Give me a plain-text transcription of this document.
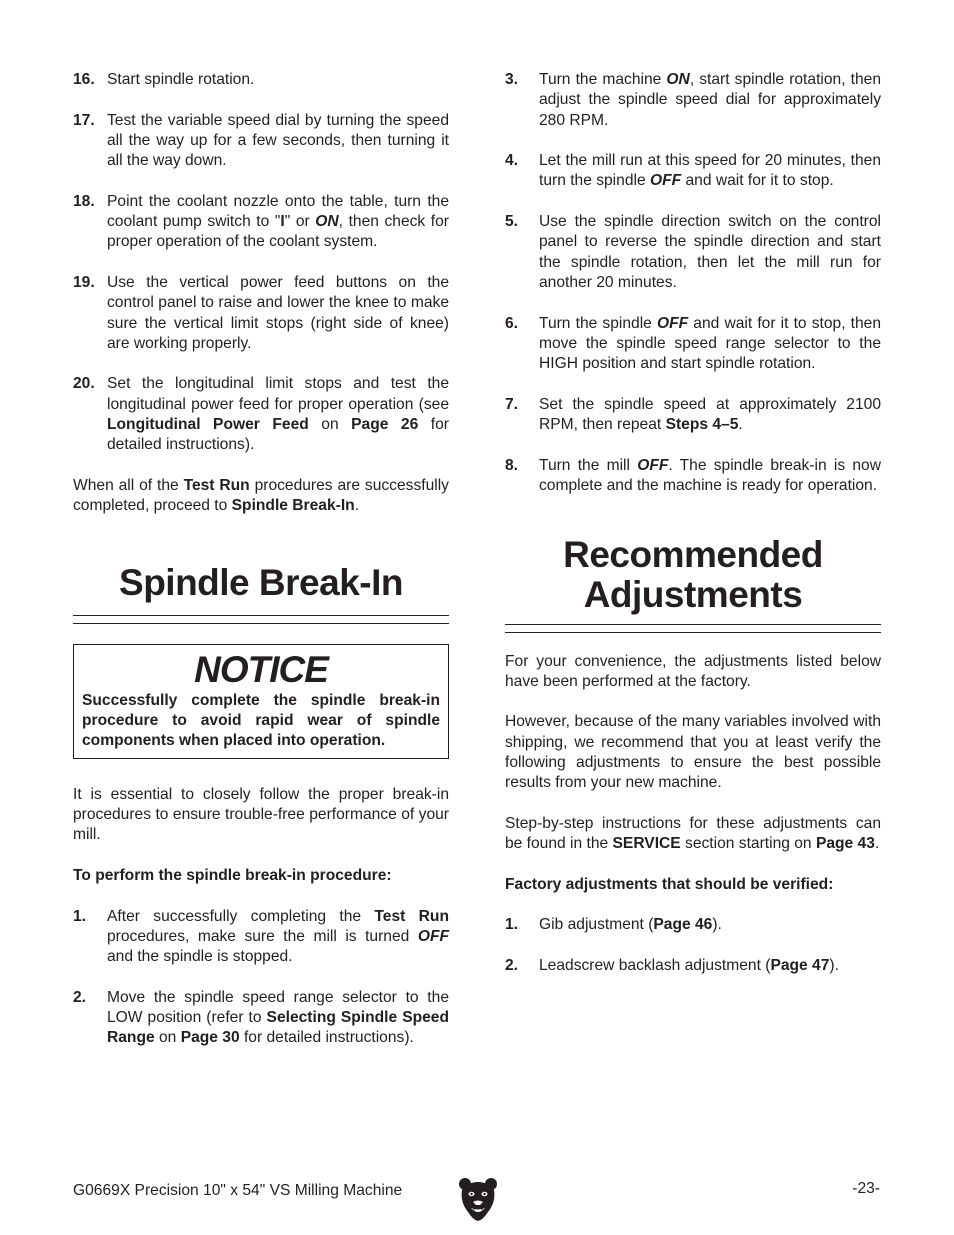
16. Start spindle rotation.
17. Test the variable speed dial by turning the speed all the way up for a few seconds, then turning it all the way down.
18. Point the coolant nozzle onto the table, turn the coolant pump switch to "I" or ON, then check for proper operation of the coolant system.
19. Use the vertical power feed buttons on the control panel to raise and lower the knee to make sure the vertical limit stops (right side of knee) are working properly.
20. Set the longitudinal limit stops and test the longitudinal power feed for proper operation (see Longitudinal Power Feed on Page 26 for detailed instructions).
When all of the Test Run procedures are successfully completed, proceed to Spindle Break-In.
Spindle Break-In
NOTICE
Successfully complete the spindle break-in procedure to avoid rapid wear of spindle components when placed into operation.
It is essential to closely follow the proper break-in procedures to ensure trouble-free performance of your mill.
To perform the spindle break-in procedure:
1.	After successfully completing the Test Run procedures, make sure the mill is turned OFF and the spindle is stopped.
2.	Move the spindle speed range selector to the LOW position (refer to Selecting Spindle Speed Range on Page 30 for detailed instructions).
3.	Turn the machine ON, start spindle rotation, then adjust the spindle speed dial for approximately 280 RPM.
4.	Let the mill run at this speed for 20 minutes, then turn the spindle OFF and wait for it to stop.
5.	Use the spindle direction switch on the control panel to reverse the spindle direction and start the spindle rotation, then let the mill run for another 20 minutes.
6.	Turn the spindle OFF and wait for it to stop, then move the spindle speed range selector to the HIGH position and start spindle rotation.
7.	Set the spindle speed at approximately 2100 RPM, then repeat Steps 4–5.
8.	Turn the mill OFF. The spindle break-in is now complete and the machine is ready for operation.
Recommended
Adjustments
For your convenience, the adjustments listed below have been performed at the factory.
However, because of the many variables involved with shipping, we recommend that you at least verify the following adjustments to ensure the best possible results from your new machine.
Step-by-step instructions for these adjustments can be found in the SERVICE section starting on Page 43.
Factory adjustments that should be verified:
1.	Gib adjustment (Page 46).
2.	Leadscrew backlash adjustment (Page 47).
G0669X Precision 10" x 54" VS Milling Machine	-23-
